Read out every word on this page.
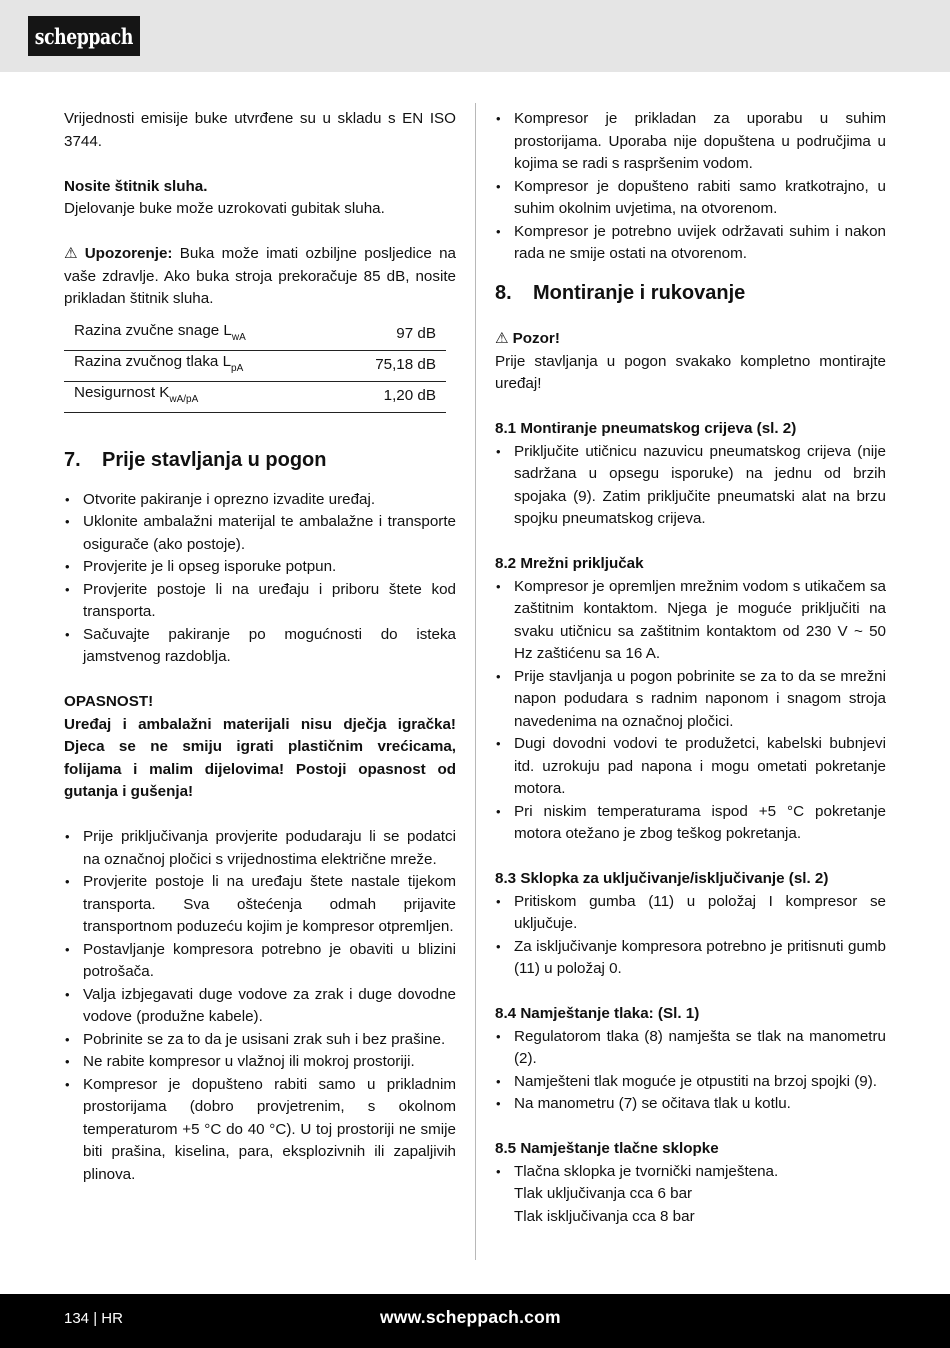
scheppach

Vrijednosti emisije buke utvrđene su u skladu s EN ISO 3744.

Nosite štitnik sluha.

Djelovanje buke može uzrokovati gubitak sluha.

⚠ Upozorenje: Buka može imati ozbiljne posljedice na vaše zdravlje. Ako buka stroja prekoračuje 85 dB, nosite prikladan štitnik sluha.

Razina zvučne snage $L_{wA}$	97 dB
Razina zvučnog tlaka $L_{pA}$	75,18 dB
Nesigurnost $K_{wA/pA}$	1,20 dB
7.	Prije stavljanja u pogon
• Otvorite pakiranje i oprezno izvadite uređaj.
• Uklonite ambalažni materijal te ambalažne i transporte osigurače (ako postoje).
• Provjerite je li opseg isporuke potpun.
• Provjerite postoje li na uređaju i priboru štete kod transporta.
• Sačuvajte pakiranje po mogućnosti do isteka jamstvenog razdoblja.

OPASNOST!

Uređaj i ambalažni materijali nisu dječja igračka! Djeca se ne smiju igrati plastičnim vrećicama, folijama i malim dijelovima! Postoji opasnost od gutanja i gušenja!

• Prije priključivanja provjerite podudaraju li se podatci na označnoj pločici s vrijednostima električne mreže.
• Provjerite postoje li na uređaju štete nastale tijekom transporta. Sva oštećenja odmah prijavite transportnom poduzeću kojim je kompresor otpremljen.
• Postavljanje kompresora potrebno je obaviti u blizini potrošača.
• Valja izbjegavati duge vodove za zrak i duge dovodne vodove (produžne kabele).
• Pobrinite se za to da je usisani zrak suh i bez prašine.
• Ne rabite kompresor u vlažnoj ili mokroj prostoriji.
• Kompresor je dopušteno rabiti samo u prikladnim prostorijama (dobro provjetrenim, s okolnom temperaturom +5 °C do 40 °C). U toj prostoriji ne smije biti prašina, kiselina, para, eksplozivnih ili zapaljivih plinova.
• Kompresor je prikladan za uporabu u suhim prostorijama. Uporaba nije dopuštena u područjima u kojima se radi s raspršenim vodom.
• Kompresor je dopušteno rabiti samo kratkotrajno, u suhim okolnim uvjetima, na otvorenom.
• Kompresor je potrebno uvijek održavati suhim i nakon rada ne smije ostati na otvorenom.
8.	Montiranje i rukovanje

⚠ Pozor!

Prije stavljanja u pogon svakako kompletno montirajte uređaj!

8.1 Montiranje pneumatskog crijeva (sl. 2)

• Priključite utičnicu nazuvicu pneumatskog crijeva (nije sadržana u opsegu isporuke) na jednu od brzih spojaka (9). Zatim priključite pneumatski alat na brzu spojku pneumatskog crijeva.

8.2 Mrežni priključak

• Kompresor je opremljen mrežnim vodom s utikačem sa zaštitnim kontaktom. Njega je moguće priključiti na svaku utičnicu sa zaštitnim kontaktom od 230 V ~ 50 Hz zaštićenu sa 16 A.
• Prije stavljanja u pogon pobrinite se za to da se mrežni napon podudara s radnim naponom i snagom stroja navedenima na označnoj pločici.
• Dugi dovodni vodovi te produžetci, kabelski bubnjevi itd. uzrokuju pad napona i mogu ometati pokretanje motora.
• Pri niskim temperaturama ispod +5 °C pokretanje motora otežano je zbog teškog pokretanja.

8.3 Sklopka za uključivanje/isključivanje (sl. 2)

• Pritiskom gumba (11) u položaj I kompresor se uključuje.
• Za isključivanje kompresora potrebno je pritisnuti gumb (11) u položaj 0.

8.4 Namještanje tlaka: (Sl. 1)

• Regulatorom tlaka (8) namješta se tlak na manometru (2).
• Namješteni tlak moguće je otpustiti na brzoj spojki (9).
• Na manometru (7) se očitava tlak u kotlu.

8.5 Namještanje tlačne sklopke

• Tlačna sklopka je tvornički namještena.

Tlak uključivanja cca 6 bar

Tlak isključivanja cca 8 bar

134 | HR	www.scheppach.com
